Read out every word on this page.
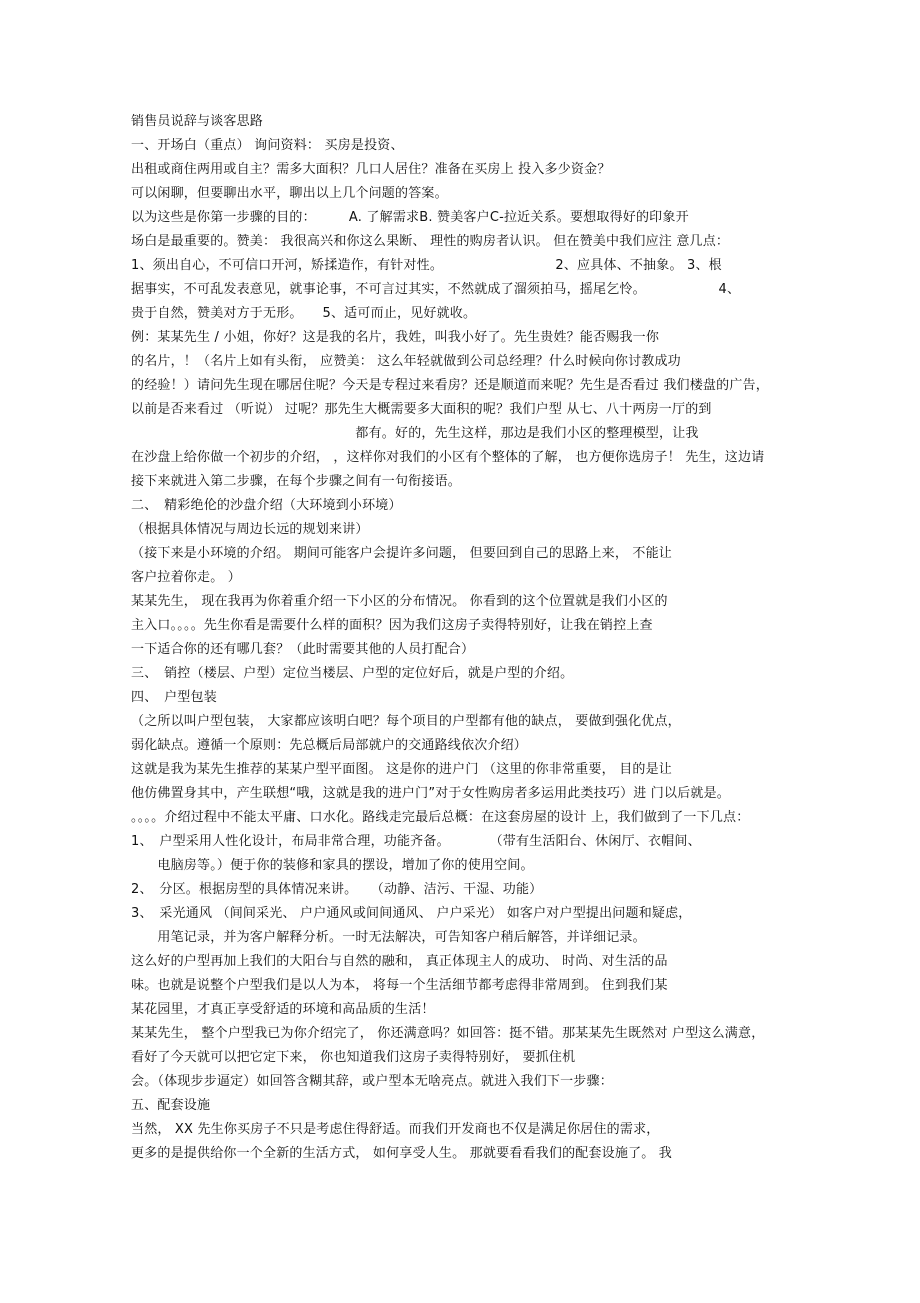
销售员说辞与谈客思路
一、开场白（重点） 询问资料： 买房是投资、
出租或商住两用或自主？需多大面积？几口人居住？准备在买房上 投入多少资金？
可以闲聊，但要聊出水平，聊出以上几个问题的答案。
以为这些是你第一步骤的目的：　　　A. 了解需求B. 赞美客户C-拉近关系。要想取得好的印象开
场白是最重要的。赞美： 我很高兴和你这么果断、 理性的购房者认识。 但在赞美中我们应注 意几点：
1、须出自心，不可信口开河，矫揉造作，有针对性。　　　　　　　　　2、应具体、不抽象。 3、根
据事实，不可乱发表意见，就事论事，不可言过其实，不然就成了溜须拍马，摇尾乞怜。　　　　　　4、
贵于自然，赞美对方于无形。　　5、适可而止，见好就收。
例：某某先生 / 小姐，你好？这是我的名片，我姓，叫我小好了。先生贵姓？能否赐我一你
的名片，！（名片上如有头衔， 应赞美： 这么年轻就做到公司总经理？什么时候向你讨教成功
的经验！）请问先生现在哪居住呢？今天是专程过来看房？还是顺道而来呢？先生是否看过 我们楼盘的广告，
以前是否来看过 （听说） 过呢？那先生大概需要多大面积的呢？我们户型 从七、八十两房一厅的到
　　　　　　　　　　　　　　　　　都有。好的，先生这样，那边是我们小区的整理模型，让我
在沙盘上给你做一个初步的介绍， ，这样你对我们的小区有个整体的了解， 也方便你选房子！ 先生，这边请
接下来就进入第二步骤，在每个步骤之间有一句衔接语。
二、　精彩绝伦的沙盘介绍（大环境到小环境）
（根据具体情况与周边长远的规划来讲）
（接下来是小环境的介绍。 期间可能客户会提许多问题， 但要回到自己的思路上来， 不能让
客户拉着你走。 ）
某某先生， 现在我再为你着重介绍一下小区的分布情况。 你看到的这个位置就是我们小区的
主入口。。。。先生你看是需要什么样的面积？因为我们这房子卖得特别好，让我在销控上查
一下适合你的还有哪几套？（此时需要其他的人员打配合）
三、　销控（楼层、户型）定位当楼层、户型的定位好后，就是户型的介绍。
四、　户型包装
（之所以叫户型包装， 大家都应该明白吧？每个项目的户型都有他的缺点， 要做到强化优点，
弱化缺点。遵循一个原则：先总概后局部就户的交通路线依次介绍）
这就是我为某先生推荐的某某户型平面图。 这是你的进户门 （这里的你非常重要， 目的是让
他仿佛置身其中，产生联想“哦，这就是我的进户门”对于女性购房者多运用此类技巧）进 门以后就是。
。。。。介绍过程中不能太平庸、口水化。路线走完最后总概：在这套房屋的设计 上，我们做到了一下几点：
1、　户型采用人性化设计，布局非常合理，功能齐备。　　　　（带有生活阳台、休闲厅、衣帽间、
　　电脑房等。）便于你的装修和家具的摆设，增加了你的使用空间。
2、　分区。根据房型的具体情况来讲。　　（动静、洁污、干湿、功能）
3、　采光通风 （间间采光、 户户通风或间间通风、 户户采光） 如客户对户型提出问题和疑虑，
　　用笔记录，并为客户解释分析。一时无法解决，可告知客户稍后解答，并详细记录。
这么好的户型再加上我们的大阳台与自然的融和， 真正体现主人的成功、 时尚、对生活的品
味。也就是说整个户型我们是以人为本， 将每一个生活细节都考虑得非常周到。 住到我们某
某花园里，才真正享受舒适的环境和高品质的生活！
某某先生， 整个户型我已为你介绍完了， 你还满意吗？如回答：挺不错。那某某先生既然对 户型这么满意，
看好了今天就可以把它定下来， 你也知道我们这房子卖得特别好， 要抓住机
会。（体现步步逼定）如回答含糊其辞，或户型本无啥亮点。就进入我们下一步骤：
五、配套设施
当然， XX 先生你买房子不只是考虑住得舒适。而我们开发商也不仅是满足你居住的需求，
更多的是提供给你一个全新的生活方式， 如何享受人生。 那就要看看我们的配套设施了。 我
